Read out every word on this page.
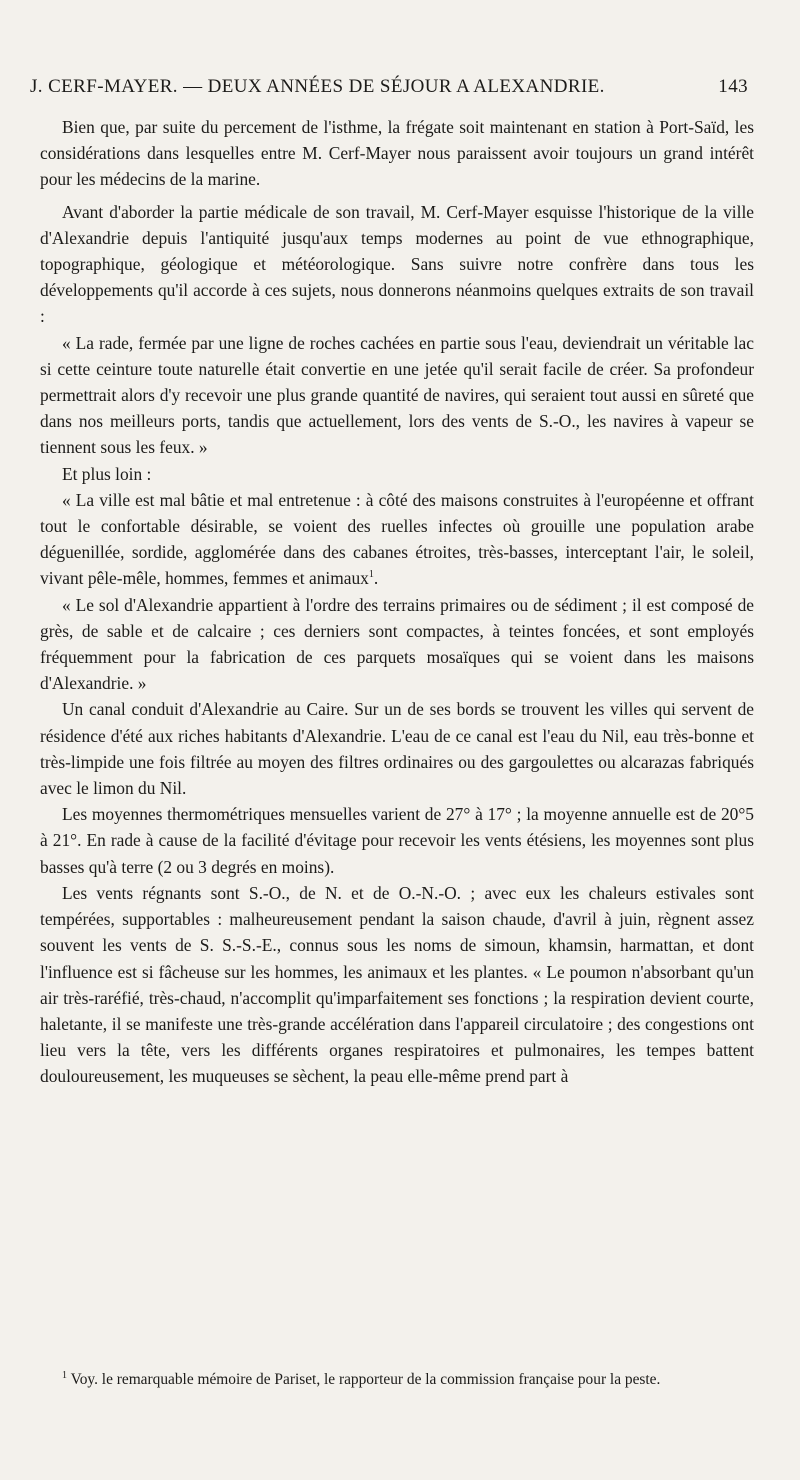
J. CERF-MAYER. — DEUX ANNÉES DE SÉJOUR A ALEXANDRIE.	143

Bien que, par suite du percement de l'isthme, la frégate soit maintenant en station à Port-Saïd, les considérations dans lesquelles entre M. Cerf-Mayer nous paraissent avoir toujours un grand intérêt pour les médecins de la marine.

Avant d'aborder la partie médicale de son travail, M. Cerf-Mayer esquisse l'historique de la ville d'Alexandrie depuis l'antiquité jusqu'aux temps modernes au point de vue ethnographique, topographique, géologique et météorologique. Sans suivre notre confrère dans tous les développements qu'il accorde à ces sujets, nous donnerons néanmoins quelques extraits de son travail :

« La rade, fermée par une ligne de roches cachées en partie sous l'eau, deviendrait un véritable lac si cette ceinture toute naturelle était convertie en une jetée qu'il serait facile de créer. Sa profondeur permettrait alors d'y recevoir une plus grande quantité de navires, qui seraient tout aussi en sûreté que dans nos meilleurs ports, tandis que actuellement, lors des vents de S.-O., les navires à vapeur se tiennent sous les feux. »

Et plus loin :

« La ville est mal bâtie et mal entretenue : à côté des maisons construites à l'européenne et offrant tout le confortable désirable, se voient des ruelles infectes où grouille une population arabe déguenillée, sordide, agglomérée dans des cabanes étroites, très-basses, interceptant l'air, le soleil, vivant pêle-mêle, hommes, femmes et animaux$^1$.

« Le sol d'Alexandrie appartient à l'ordre des terrains primaires ou de sédiment ; il est composé de grès, de sable et de calcaire ; ces derniers sont compactes, à teintes foncées, et sont employés fréquemment pour la fabrication de ces parquets mosaïques qui se voient dans les maisons d'Alexandrie. »

Un canal conduit d'Alexandrie au Caire. Sur un de ses bords se trouvent les villes qui servent de résidence d'été aux riches habitants d'Alexandrie. L'eau de ce canal est l'eau du Nil, eau très-bonne et très-limpide une fois filtrée au moyen des filtres ordinaires ou des gargoulettes ou alcarazas fabriqués avec le limon du Nil.

Les moyennes thermométriques mensuelles varient de 27° à 17° ; la moyenne annuelle est de 20°5 à 21°. En rade à cause de la facilité d'évitage pour recevoir les vents étésiens, les moyennes sont plus basses qu'à terre (2 ou 3 degrés en moins).

Les vents régnants sont S.-O., de N. et de O.-N.-O. ; avec eux les chaleurs estivales sont tempérées, supportables : malheureusement pendant la saison chaude, d'avril à juin, règnent assez souvent les vents de S. S.-S.-E., connus sous les noms de simoun, khamsin, harmattan, et dont l'influence est si fâcheuse sur les hommes, les animaux et les plantes. « Le poumon n'absorbant qu'un air très-raréfié, très-chaud, n'accomplit qu'imparfaitement ses fonctions ; la respiration devient courte, haletante, il se manifeste une très-grande accélération dans l'appareil circulatoire ; des congestions ont lieu vers la tête, vers les différents organes respiratoires et pulmonaires, les tempes battent douloureusement, les muqueuses se sèchent, la peau elle-même prend part à

$^1$ Voy. le remarquable mémoire de Pariset, le rapporteur de la commission française pour la peste.
